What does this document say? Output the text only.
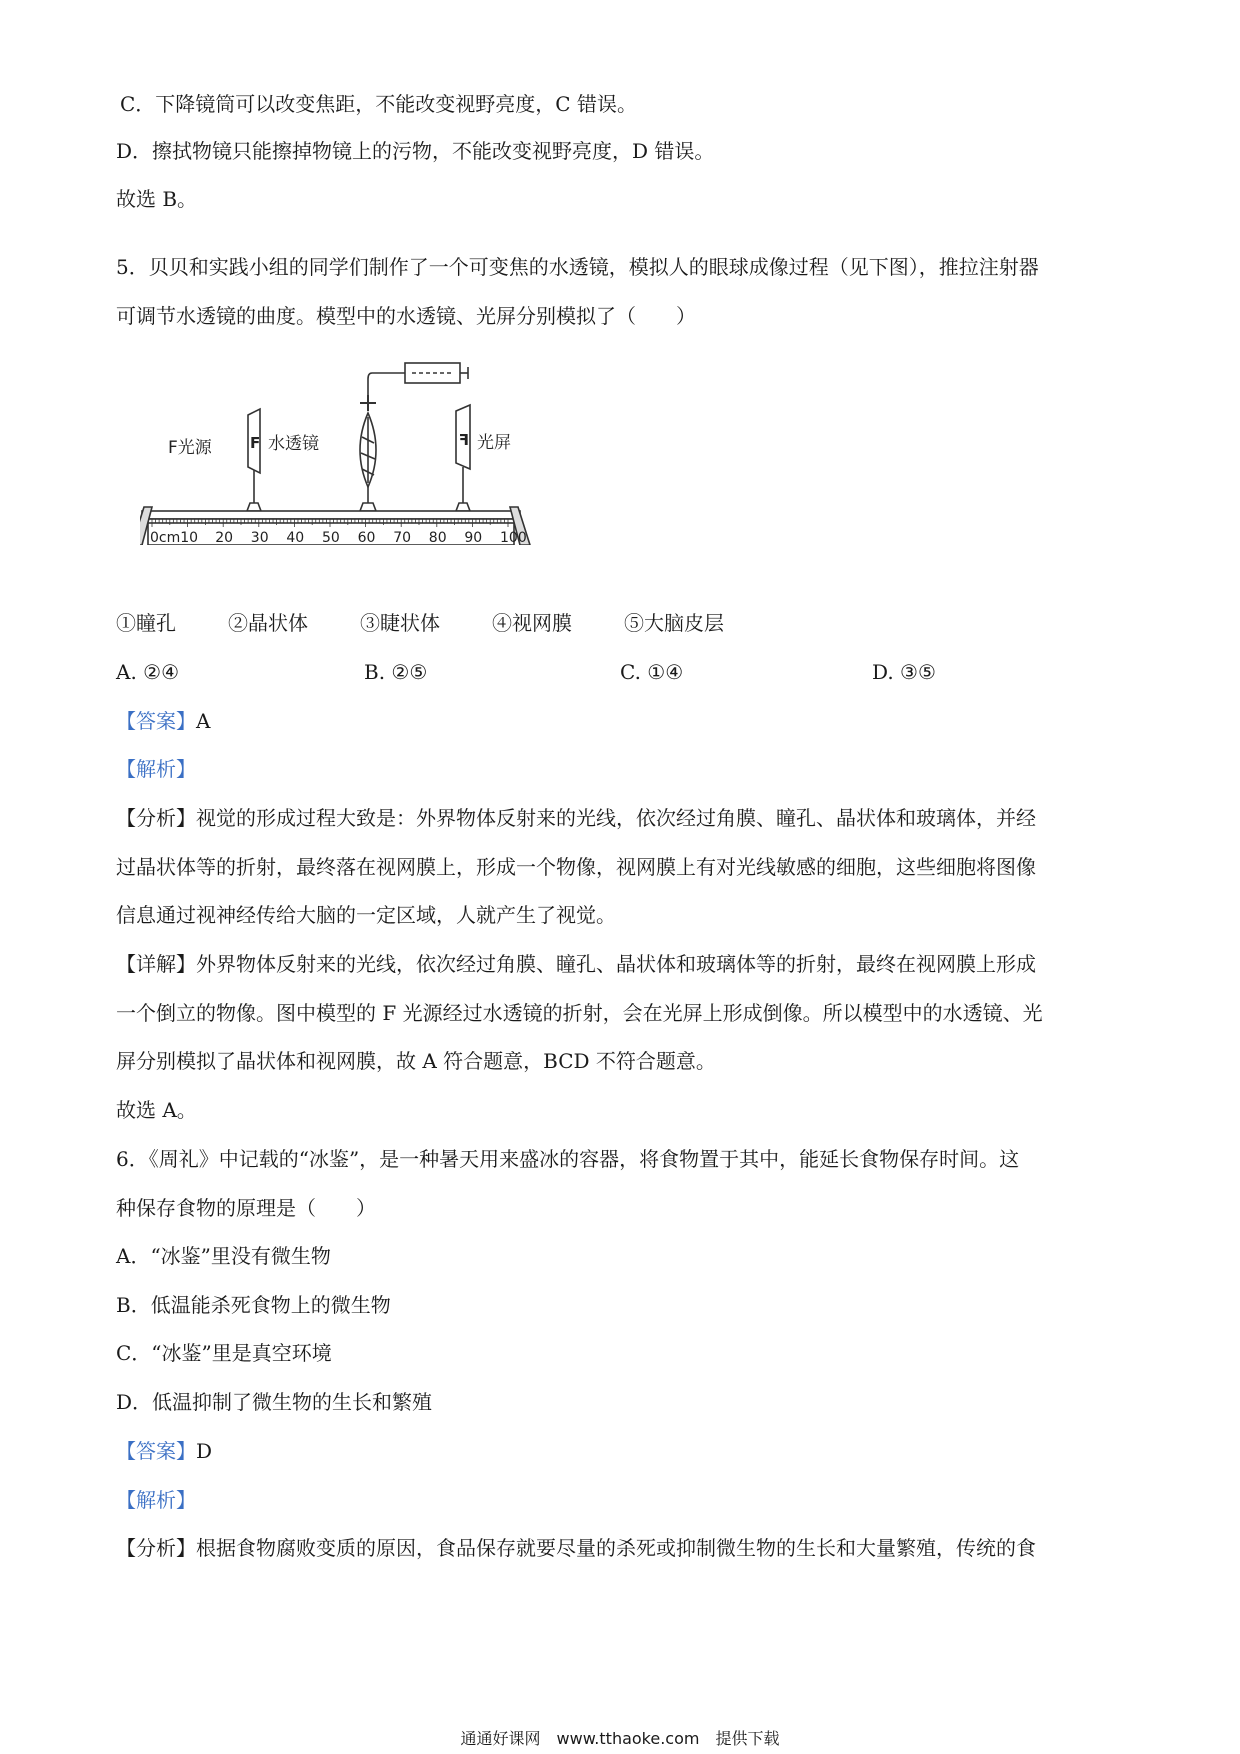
C．下降镜筒可以改变焦距，不能改变视野亮度，C 错误。
D．擦拭物镜只能擦掉物镜上的污物，不能改变视野亮度，D 错误。
故选 B。
5．贝贝和实践小组的同学们制作了一个可变焦的水透镜，模拟人的眼球成像过程（见下图），推拉注射器
可调节水透镜的曲度。模型中的水透镜、光屏分别模拟了（　　）
F
F光源	F
水透镜	光屏
0cm10 20 30 40 50 60 70 80 90 100
①瞳孔	②晶状体	③睫状体	④视网膜	⑤大脑皮层
A. ②④	B. ②⑤	C. ①④	D. ③⑤
【答案】A
【解析】
【分析】视觉的形成过程大致是：外界物体反射来的光线，依次经过角膜、瞳孔、晶状体和玻璃体，并经
过晶状体等的折射，最终落在视网膜上，形成一个物像，视网膜上有对光线敏感的细胞，这些细胞将图像
信息通过视神经传给大脑的一定区域，人就产生了视觉。
【详解】外界物体反射来的光线，依次经过角膜、瞳孔、晶状体和玻璃体等的折射，最终在视网膜上形成
一个倒立的物像。图中模型的 F 光源经过水透镜的折射，会在光屏上形成倒像。所以模型中的水透镜、光
屏分别模拟了晶状体和视网膜，故 A 符合题意，BCD 不符合题意。
故选 A。
6．《周礼》中记载的“冰鉴”，是一种暑天用来盛冰的容器，将食物置于其中，能延长食物保存时间。这
种保存食物的原理是（　　）
A．“冰鉴”里没有微生物
B．低温能杀死食物上的微生物
C．“冰鉴”里是真空环境
D．低温抑制了微生物的生长和繁殖
【答案】D
【解析】
【分析】根据食物腐败变质的原因，食品保存就要尽量的杀死或抑制微生物的生长和大量繁殖，传统的食
通通好课网　www.tthaoke.com　提供下载
